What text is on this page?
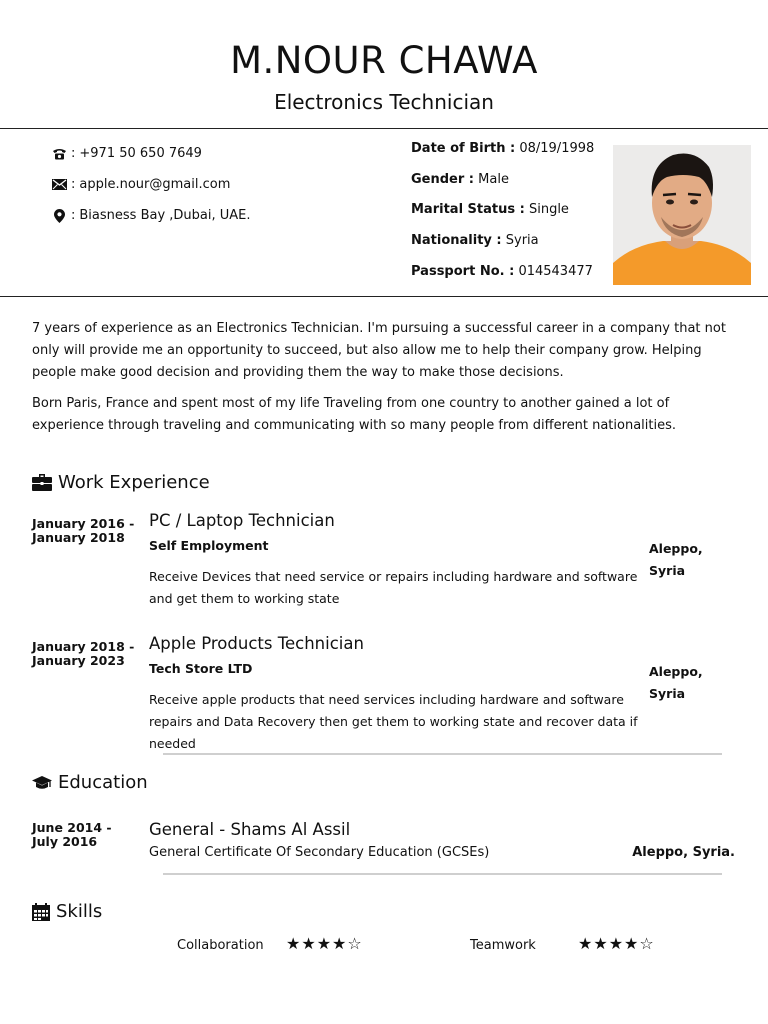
M.NOUR CHAWA
Electronics Technician
: +971 50 650 7649
: apple.nour@gmail.com
: Biasness Bay ,Dubai, UAE.
Date of Birth : 08/19/1998
Gender : Male
Marital Status : Single
Nationality : Syria
Passport No. : 014543477

7 years of experience as an Electronics Technician. I'm pursuing a successful career in a company that not only will provide me an opportunity to succeed, but also allow me to help their company grow. Helping people make good decision and providing them the way to make those decisions.

Born Paris, France and spent most of my life Traveling from one country to another gained a lot of experience through traveling and communicating with so many people from different nationalities.

Work Experience
January 2016 -
January 2018
PC / Laptop Technician
Self Employment	Aleppo,
Syria
Receive Devices that need service or repairs including hardware and software and get them to working state
January 2018 -
January 2023
Apple Products Technician
Tech Store LTD	Aleppo,
Syria
Receive apple products that need services including hardware and software repairs and Data Recovery then get them to working state and recover data if needed
Education
June 2014 -
July 2016
General - Shams Al Assil
General Certificate Of Secondary Education (GCSEs)	Aleppo, Syria.
Skills
Collaboration ★★★★☆	Teamwork	★★★★☆
